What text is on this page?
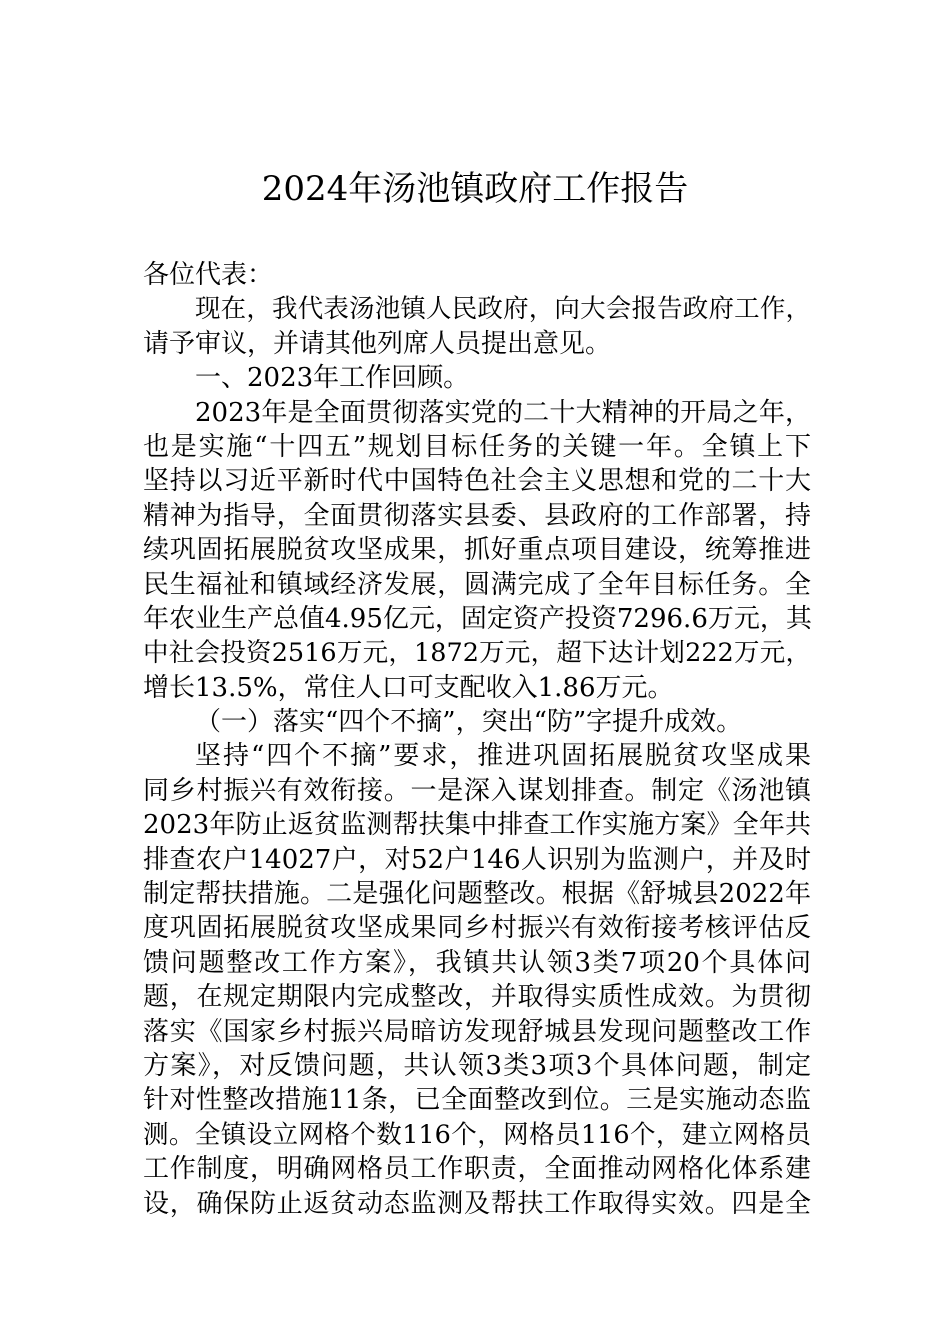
2024年汤池镇政府工作报告
各位代表：
现在，我代表汤池镇人民政府，向大会报告政府工作，
请予审议，并请其他列席人员提出意见。
一、2023年工作回顾。
2023年是全面贯彻落实党的二十大精神的开局之年，
也是实施“十四五”规划目标任务的关键一年。全镇上下
坚持以习近平新时代中国特色社会主义思想和党的二十大
精神为指导，全面贯彻落实县委、县政府的工作部署，持
续巩固拓展脱贫攻坚成果，抓好重点项目建设，统筹推进
民生福祉和镇域经济发展，圆满完成了全年目标任务。全
年农业生产总值4.95亿元，固定资产投资7296.6万元，其
中社会投资2516万元，1872万元，超下达计划222万元，
增长13.5%，常住人口可支配收入1.86万元。
（一）落实“四个不摘”，突出“防”字提升成效。
坚持“四个不摘”要求，推进巩固拓展脱贫攻坚成果
同乡村振兴有效衔接。一是深入谋划排查。制定《汤池镇
2023年防止返贫监测帮扶集中排查工作实施方案》全年共
排查农户14027户，对52户146人识别为监测户，并及时
制定帮扶措施。二是强化问题整改。根据《舒城县2022年
度巩固拓展脱贫攻坚成果同乡村振兴有效衔接考核评估反
馈问题整改工作方案》，我镇共认领3类7项20个具体问
题，在规定期限内完成整改，并取得实质性成效。为贯彻
落实《国家乡村振兴局暗访发现舒城县发现问题整改工作
方案》，对反馈问题，共认领3类3项3个具体问题，制定
针对性整改措施11条，已全面整改到位。三是实施动态监
测。全镇设立网格个数116个，网格员116个，建立网格员
工作制度，明确网格员工作职责，全面推动网格化体系建
设，确保防止返贫动态监测及帮扶工作取得实效。四是全
